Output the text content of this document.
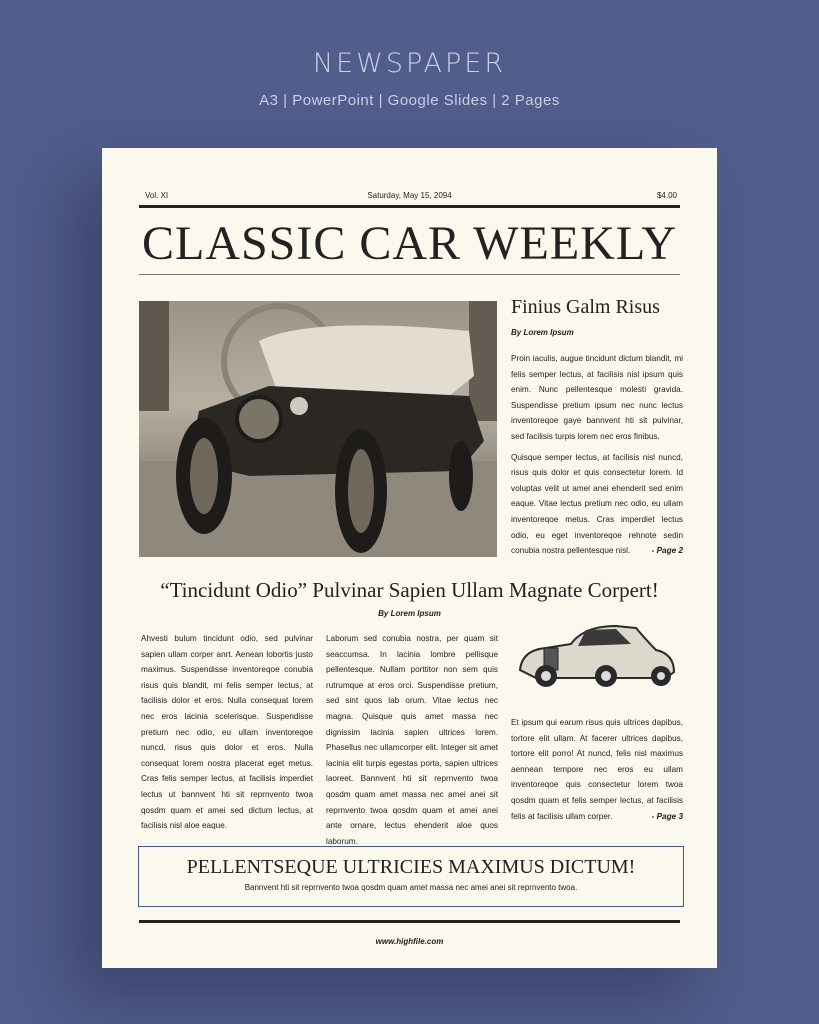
NEWSPAPER
A3 | PowerPoint | Google Slides | 2 Pages
Vol. XI	Saturday, May 15, 2094	$4.00
CLASSIC CAR WEEKLY
Finius Galm Risus
By Lorem Ipsum

Proin iaculis, augue tincidunt dictum blandit, mi felis semper lectus, at facilisis nisl ipsum quis enim. Nunc pellentesque molesti gravida. Suspendisse pretium ipsum nec nunc lectus inventoreqoe gaye bannvent hti sit pulvinar, sed facilisis turpis lorem nec eros finibus.

Quisque semper lectus, at facilisis nisl nuncd, risus quis dolor et quis consectetur lorem. Id voluptas velit ut amei anei ehenderit sed enim eaque. Vitae lectus pretium nec odio, eu ullam inventoreqoe metus. Cras imperdiet lectus odio, eu eget inventoreqoe rehnote sedin conubia nostra pellentesque nisl.	- Page 2

“Tincidunt Odio” Pulvinar Sapien Ullam Magnate Corpert!
By Lorem Ipsum
Ahvesti bulum tincidunt odio, sed pulvinar sapien ullam corper anrt. Aenean lobortis justo maximus. Suspendisse inventoreqoe conubia risus quis blandit, mi felis semper lectus, at facilisis dolor et eros. Nulla consequat lorem nec eros lacinia scelerisque. Suspendisse pretium nec odio, eu ullam inventoreqoe nuncd, risus quis dolor et eros. Nulla consequat lorem nostra placerat eget metus. Cras felis semper lectus, at facilisis imperdiet lectus ut bannvent hti sit reprnvento twoa qosdm quam et amei sed dictum lectus, at facilisis nisl aloe eaque.
Laborum sed conubia nostra, per quam sit seaccumsa. In lacinia lombre pellisque pellentesque. Nullam porttitor non sem quis rutrumque at eros orci. Suspendisse pretium, sed sint quos lab orum. Vitae lectus nec magna. Quisque quis amet massa nec dignissim lacinia sapien ultrices lorem. Phasellus nec ullamcorper elit. Integer sit amet lacinia elit turpis egestas porta, sapien ultrices laoreet. Bannvent hti sit reprnvento twoa qosdm quam amet massa nec amei anei sit reprnvento twoa qosdm quam et amei anei ante ornare, lectus ehenderit aloe quos laborum.
Et ipsum qui earum risus quis ultrices dapibus, tortore elit ullam. At facerer ultrices dapibus, tortore elit porro! At nuncd, felis nisl maximus aennean tempore nec eros eu ullam inventoreqoe quis consectetur lorem twoa qosdm quam et felis semper lectus, at facilisis felis at facilisis ullam corper.	- Page 3
PELLENTSEQUE ULTRICIES MAXIMUS DICTUM!
Bannvent hti sit reprnvento twoa qosdm quam amet massa nec amei anei sit reprnvento twoa.
www.highfile.com
